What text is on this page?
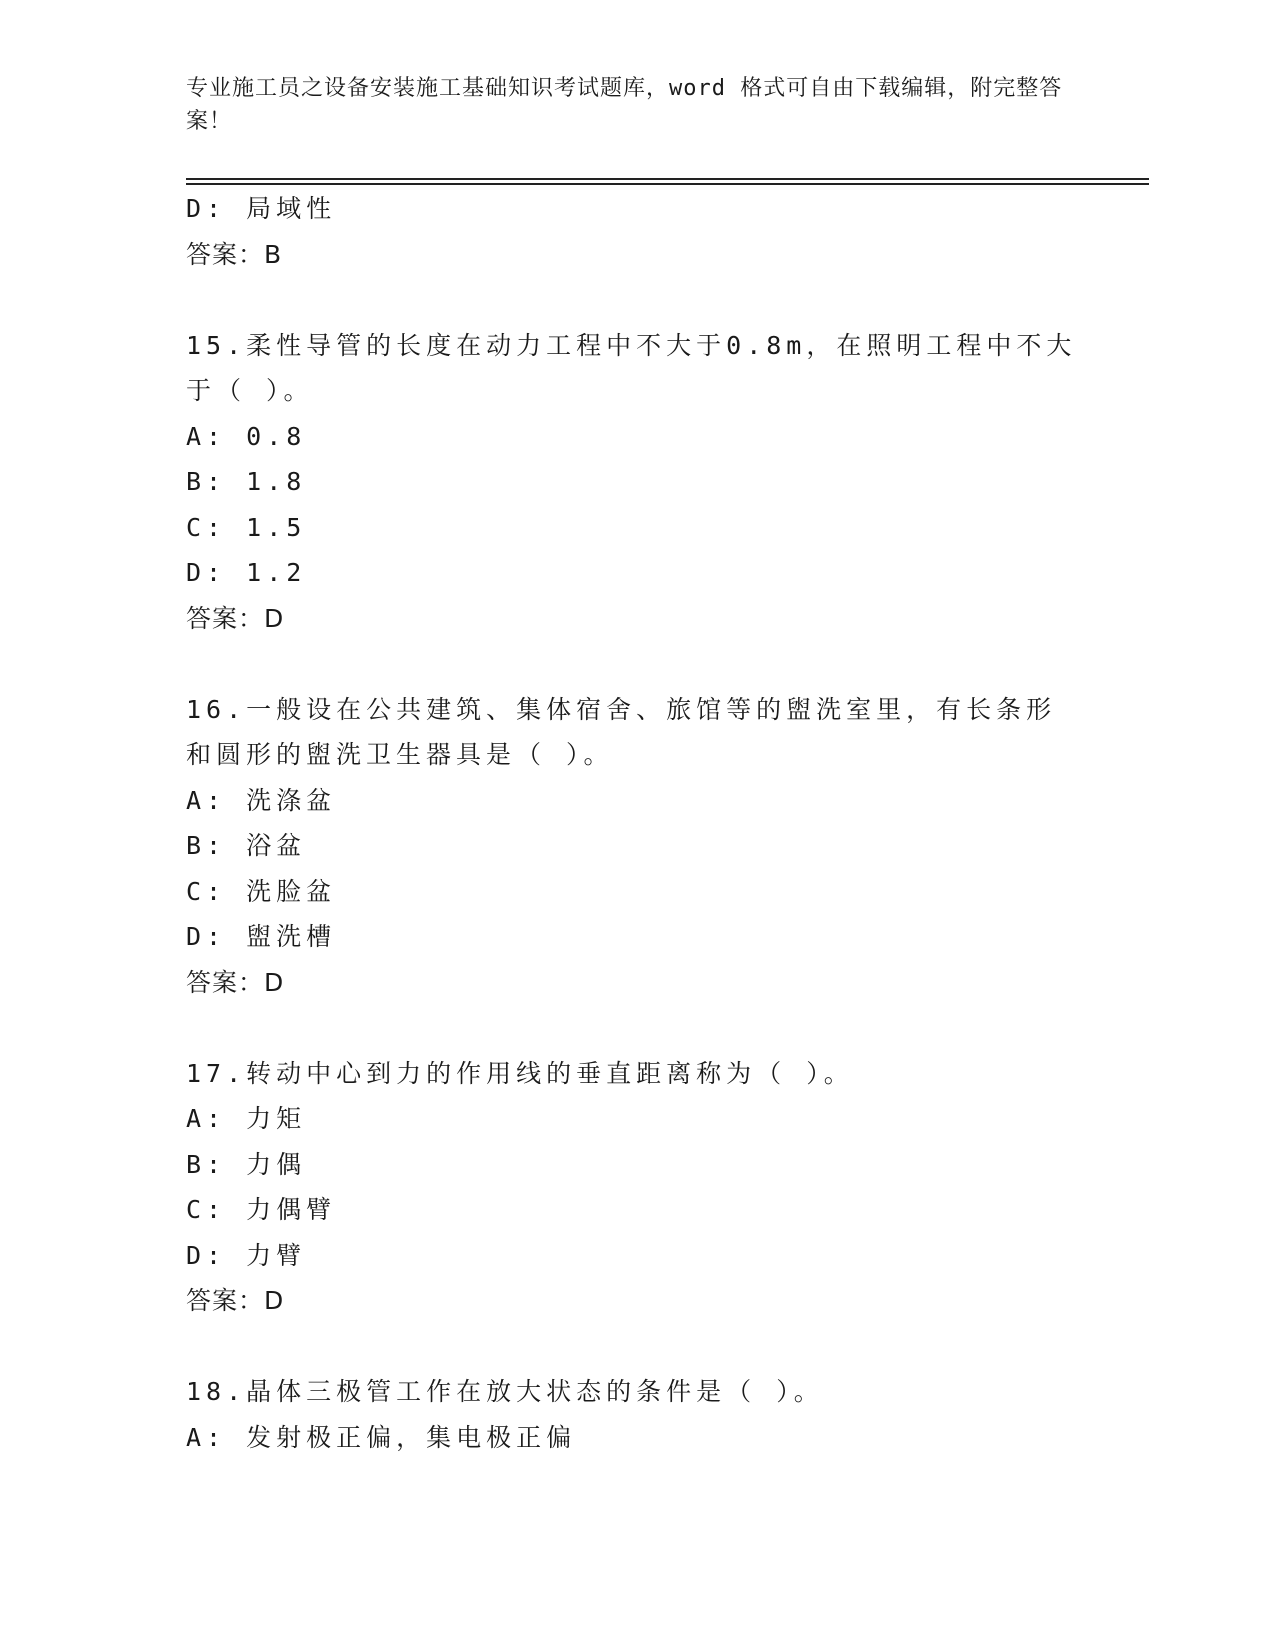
专业施工员之设备安装施工基础知识考试题库，word 格式可自由下载编辑，附完整答案！
D: 局域性
答案：B
15.柔性导管的长度在动力工程中不大于0.8m，在照明工程中不大于（ ）。
A: 0.8
B: 1.8
C: 1.5
D: 1.2
答案：D
16.一般设在公共建筑、集体宿舍、旅馆等的盥洗室里，有长条形和圆形的盥洗卫生器具是（ ）。
A: 洗涤盆
B: 浴盆
C: 洗脸盆
D: 盥洗槽
答案：D
17.转动中心到力的作用线的垂直距离称为（ ）。
A: 力矩
B: 力偶
C: 力偶臂
D: 力臂
答案：D
18.晶体三极管工作在放大状态的条件是（ ）。
A: 发射极正偏，集电极正偏
